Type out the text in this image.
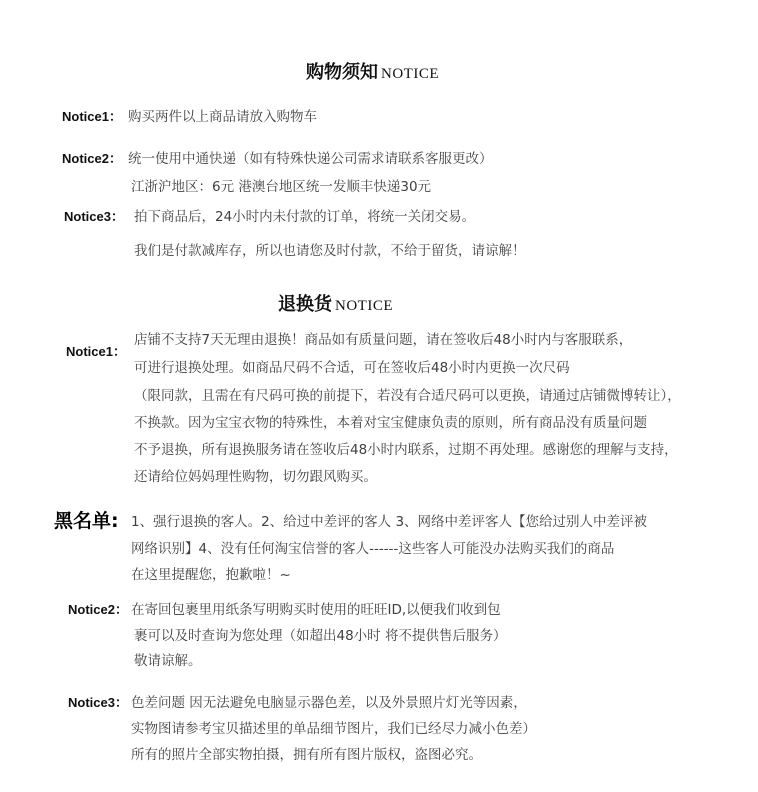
购物须知 NOTICE
Notice1： 购买两件以上商品请放入购物车
Notice2： 统一使用中通快递（如有特殊快递公司需求请联系客服更改）
江浙沪地区：6元 港澳台地区统一发顺丰快递30元
Notice3： 拍下商品后，24小时内未付款的订单，将统一关闭交易。
我们是付款减库存，所以也请您及时付款，不给于留货，请谅解！
退换货 NOTICE
Notice1：
店铺不支持7天无理由退换！商品如有质量问题，请在签收后48小时内与客服联系，
可进行退换处理。如商品尺码不合适，可在签收后48小时内更换一次尺码
（限同款，且需在有尺码可换的前提下，若没有合适尺码可以更换，请通过店铺微博转让），
不换款。因为宝宝衣物的特殊性，本着对宝宝健康负责的原则，所有商品没有质量问题
不予退换，所有退换服务请在签收后48小时内联系，过期不再处理。感谢您的理解与支持，
还请给位妈妈理性购物，切勿跟风购买。
黑名单: 1、强行退换的客人。2、给过中差评的客人 3、网络中差评客人【您给过别人中差评被
网络识别】4、没有任何淘宝信誉的客人------这些客人可能没办法购买我们的商品
在这里提醒您，抱歉啦！~
Notice2： 在寄回包裹里用纸条写明购买时使用的旺旺ID,以便我们收到包
裹可以及时查询为您处理（如超出48小时 将不提供售后服务）
敬请谅解。
Notice3： 色差问题 因无法避免电脑显示器色差，以及外景照片灯光等因素，
实物图请参考宝贝描述里的单品细节图片，我们已经尽力减小色差）
所有的照片全部实物拍摄，拥有所有图片版权，盗图必究。
